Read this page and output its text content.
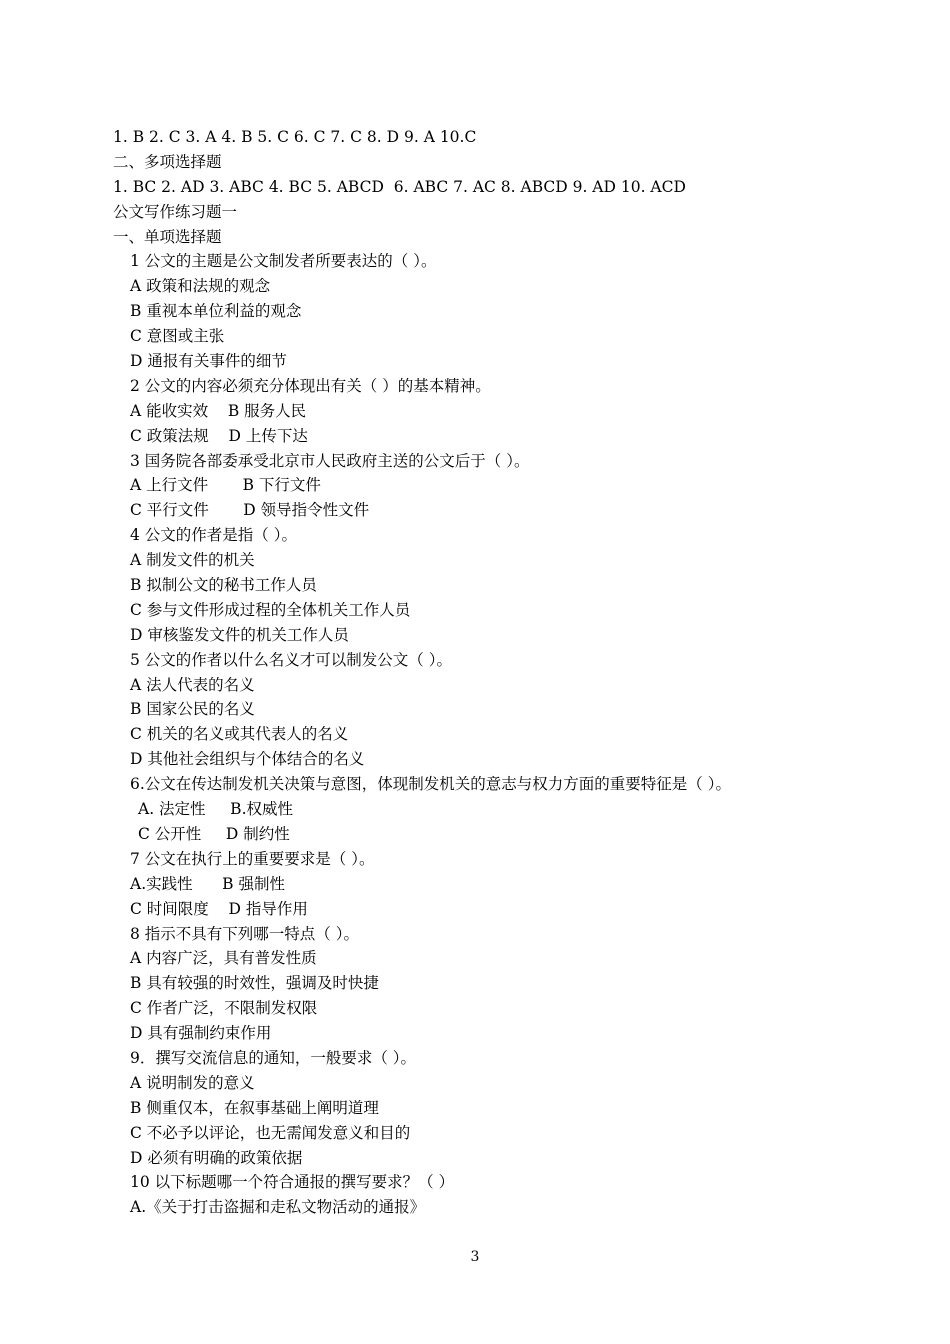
1. B 2. C 3. A 4. B 5. C 6. C 7. C 8. D 9. A 10.C
二、多项选择题
1. BC 2. AD 3. ABC 4. BC 5. ABCD  6. ABC 7. AC 8. ABCD 9. AD 10. ACD
公文写作练习题一
一、单项选择题
1 公文的主题是公文制发者所要表达的（ ）。
A 政策和法规的观念
B 重视本单位利益的观念
C 意图或主张
D 通报有关事件的细节
2 公文的内容必须充分体现出有关（ ）的基本精神。
A 能收实效    B 服务人民
C 政策法规    D 上传下达
3 国务院各部委承受北京市人民政府主送的公文后于（ ）。
A 上行文件       B 下行文件
C 平行文件       D 领导指令性文件
4 公文的作者是指（ ）。
A 制发文件的机关
B 拟制公文的秘书工作人员
C 参与文件形成过程的全体机关工作人员
D 审核鉴发文件的机关工作人员
5 公文的作者以什么名义才可以制发公文（ ）。
A 法人代表的名义
B 国家公民的名义
C 机关的名义或其代表人的名义
D 其他社会组织与个体结合的名义
6.公文在传达制发机关决策与意图，体现制发机关的意志与权力方面的重要特征是（ ）。
A. 法定性     B.权威性
C 公开性     D 制约性
7 公文在执行上的重要要求是（ ）。
A.实践性      B 强制性
C 时间限度    D 指导作用
8 指示不具有下列哪一特点（ ）。
A 内容广泛，具有普发性质
B 具有较强的时效性，强调及时快捷
C 作者广泛，不限制发权限
D 具有强制约束作用
9．撰写交流信息的通知，一般要求（ ）。
A 说明制发的意义
B 侧重仅本，在叙事基础上阐明道理
C 不必予以评论，也无需闻发意义和目的
D 必须有明确的政策依据
10 以下标题哪一个符合通报的撰写要求？（ ）
A.《关于打击盗掘和走私文物活动的通报》
3
